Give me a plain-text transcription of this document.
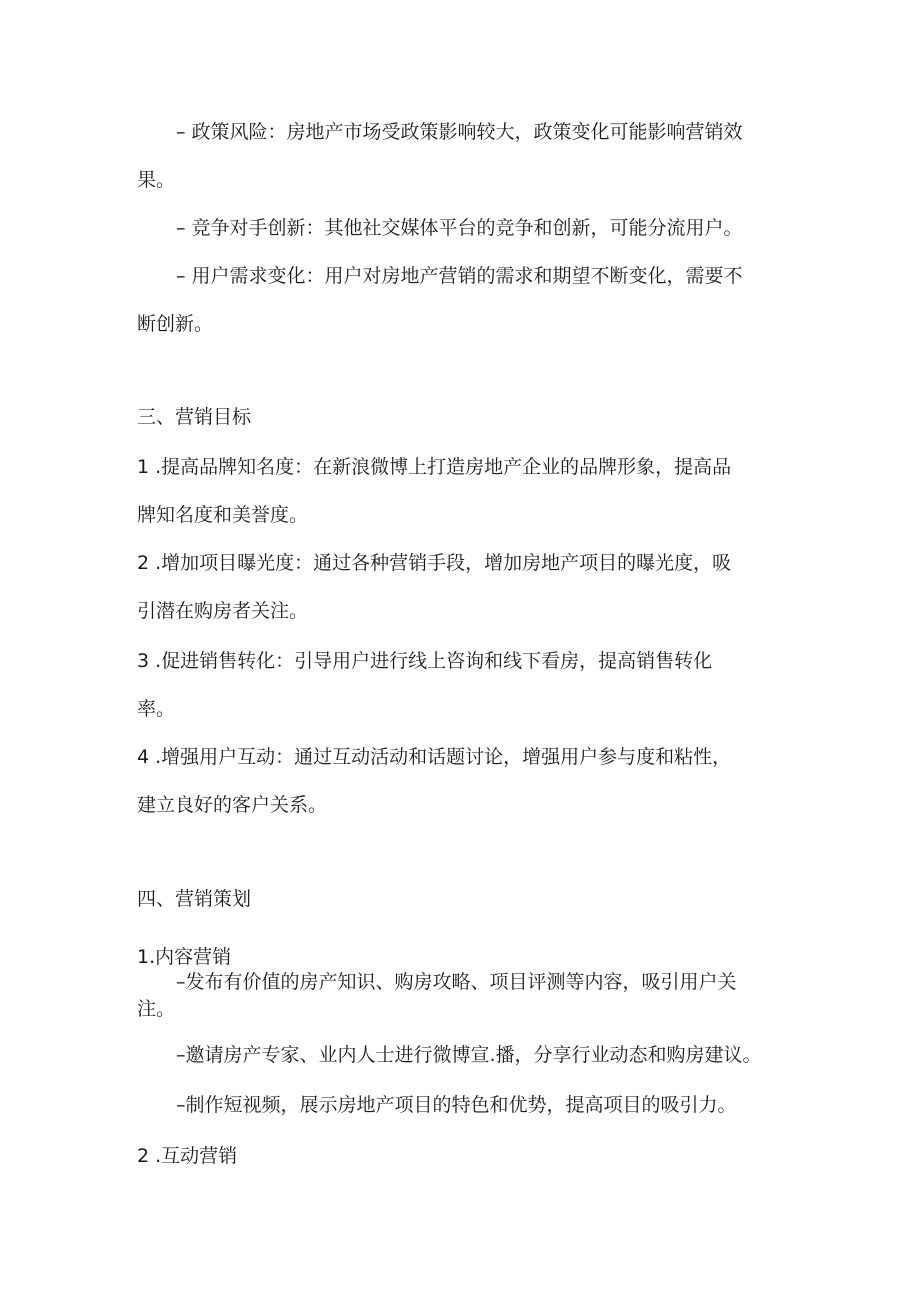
– 政策风险：房地产市场受政策影响较大，政策变化可能影响营销效

果。

– 竞争对手创新：其他社交媒体平台的竞争和创新，可能分流用户。

– 用户需求变化：用户对房地产营销的需求和期望不断变化，需要不

断创新。

三、营销目标

1 .提高品牌知名度：在新浪微博上打造房地产企业的品牌形象，提高品

牌知名度和美誉度。

2 .增加项目曝光度：通过各种营销手段，增加房地产项目的曝光度，吸

引潜在购房者关注。

3 .促进销售转化：引导用户进行线上咨询和线下看房，提高销售转化

率。

4 .增强用户互动：通过互动活动和话题讨论，增强用户参与度和粘性，

建立良好的客户关系。

四、营销策划

1.内容营销

–发布有价值的房产知识、购房攻略、项目评测等内容，吸引用户关

注。

–邀请房产专家、业内人士进行微博宣.播，分享行业动态和购房建议。

–制作短视频，展示房地产项目的特色和优势，提高项目的吸引力。

2 .互动营销
